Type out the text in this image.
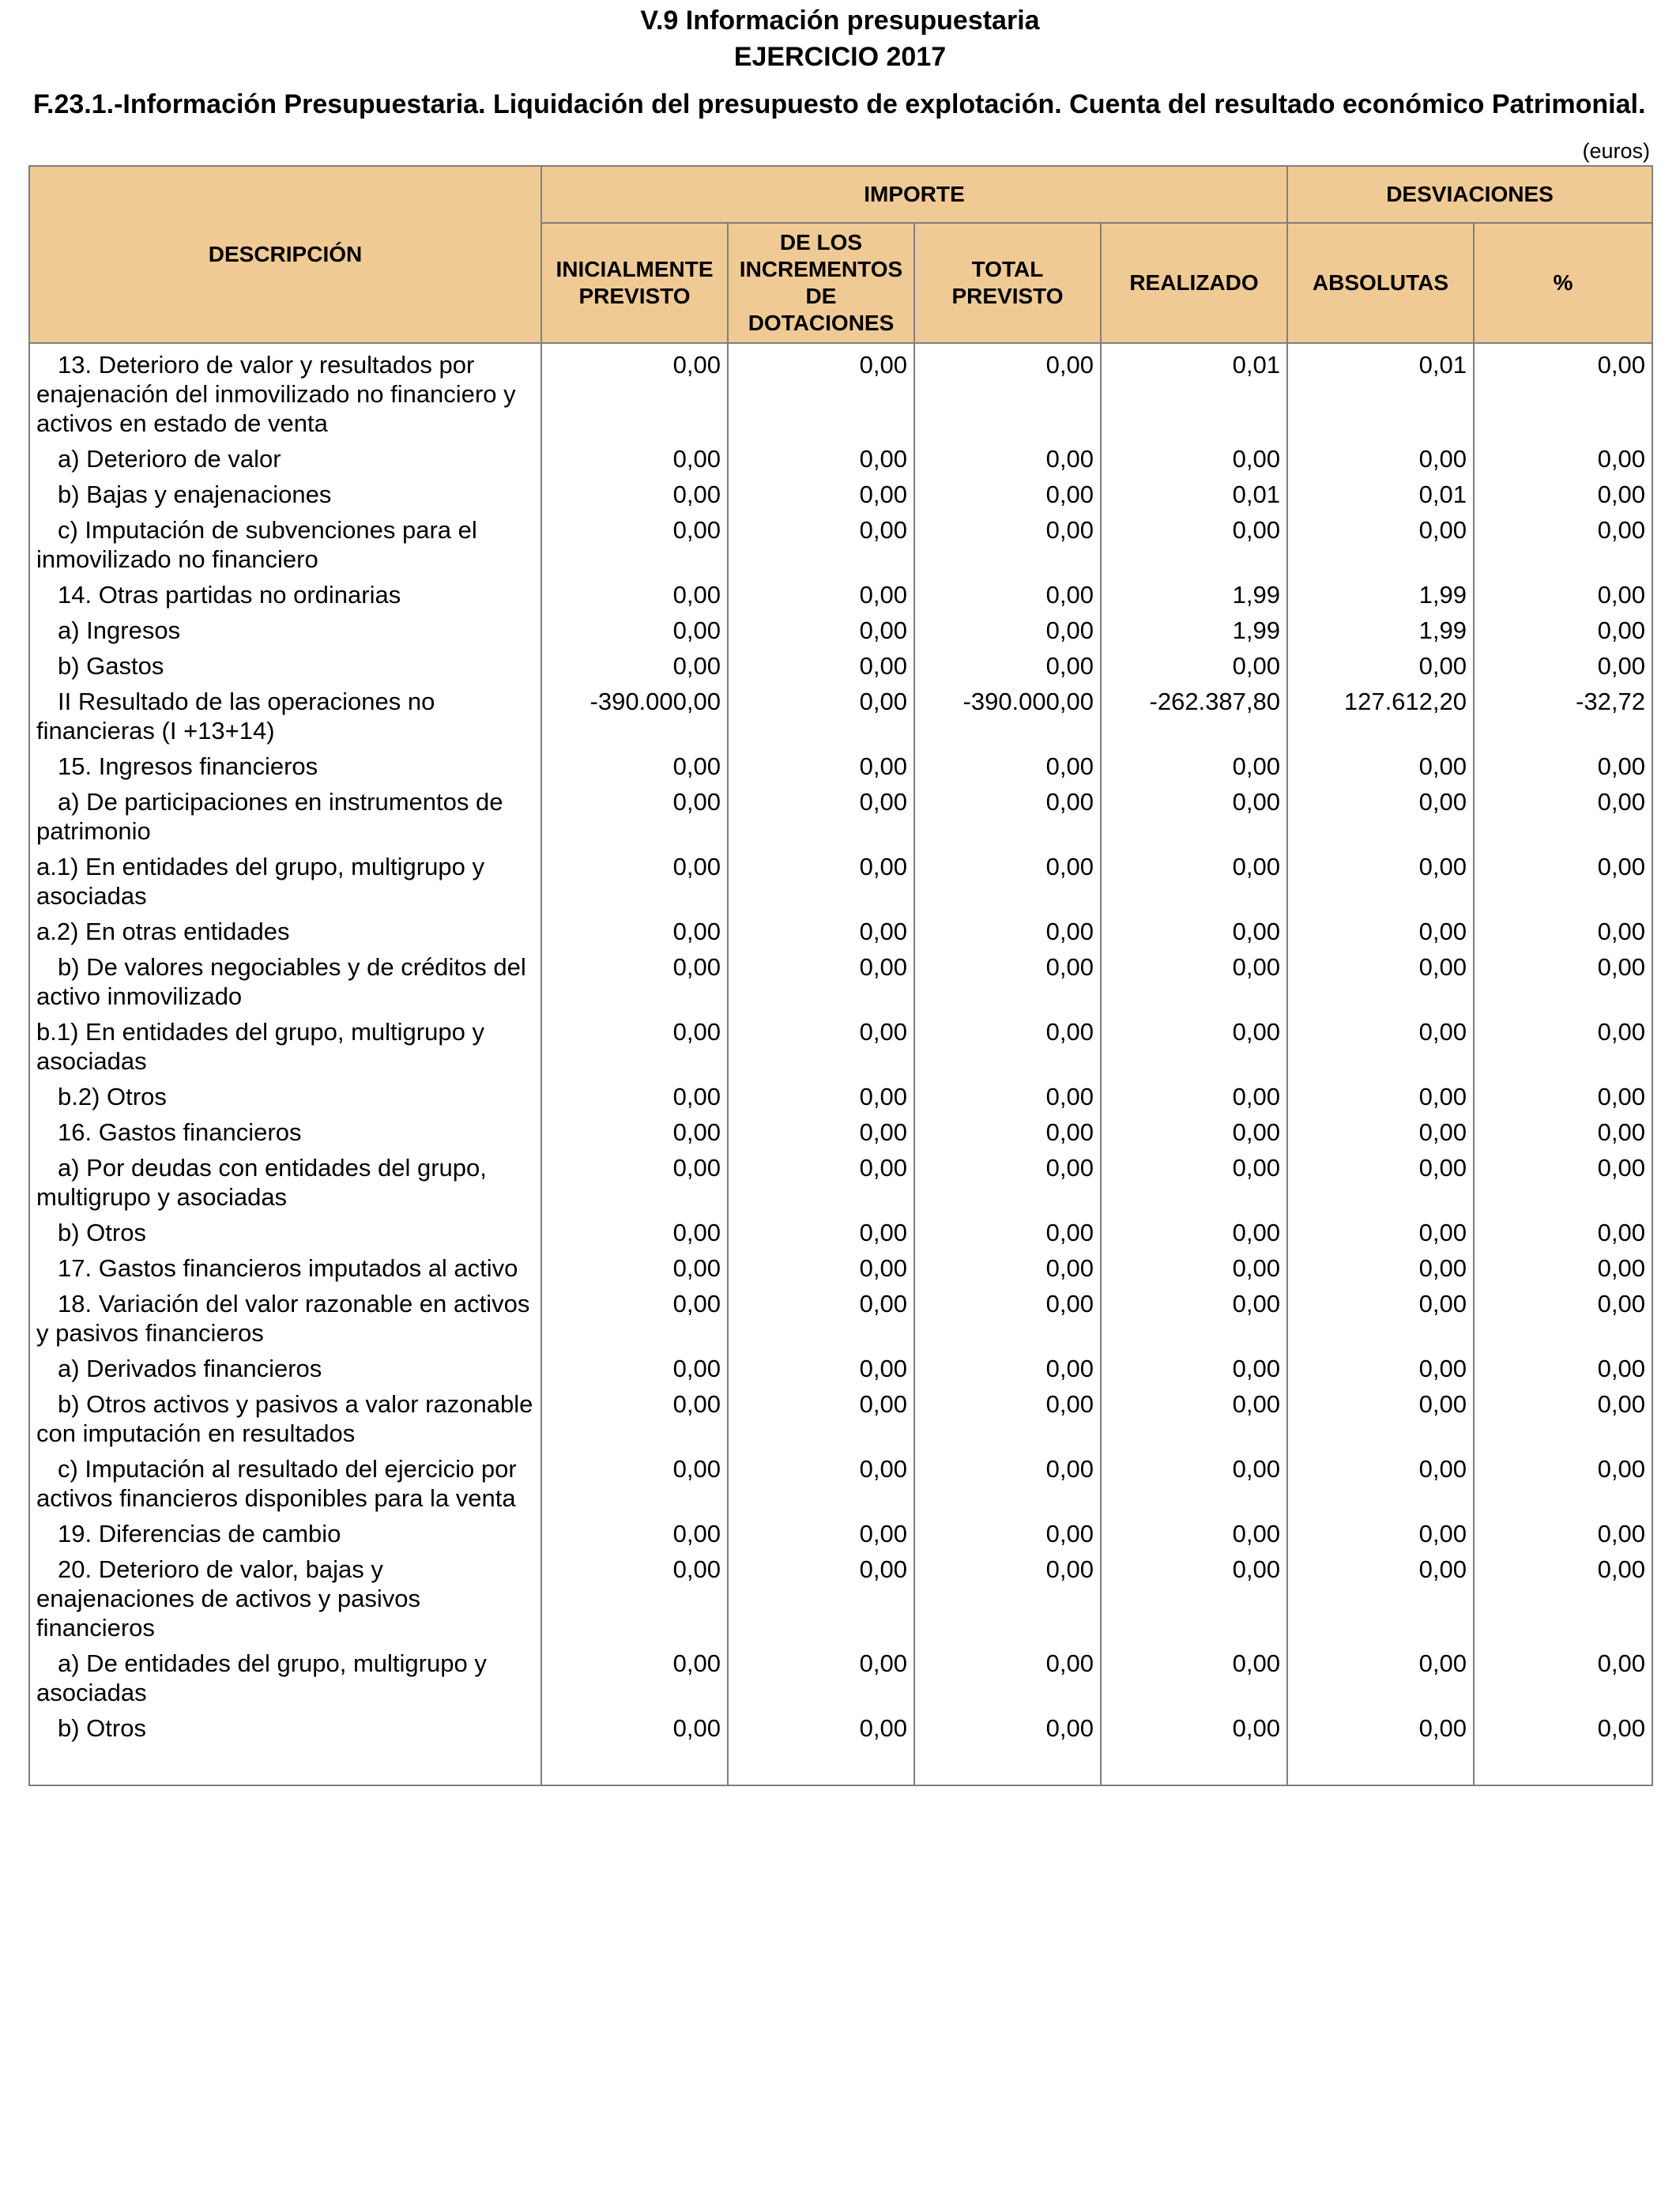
V.9 Información presupuestaria
EJERCICIO 2017
F.23.1.-Información Presupuestaria. Liquidación del presupuesto de explotación. Cuenta del resultado económico Patrimonial.
(euros)
DESCRIPCIÓN	IMPORTE				DESVIACIONES	
	INICIALMENTE PREVISTO	DE LOS INCREMENTOS DE DOTACIONES	TOTAL PREVISTO	REALIZADO	ABSOLUTAS	%
13. Deterioro de valor y resultados por enajenación del inmovilizado no financiero y activos en estado de venta	0,00	0,00	0,00	0,01	0,01	0,00
a) Deterioro de valor	0,00	0,00	0,00	0,00	0,00	0,00
b) Bajas y enajenaciones	0,00	0,00	0,00	0,01	0,01	0,00
c) Imputación de subvenciones para el inmovilizado no financiero	0,00	0,00	0,00	0,00	0,00	0,00
14. Otras partidas no ordinarias	0,00	0,00	0,00	1,99	1,99	0,00
a) Ingresos	0,00	0,00	0,00	1,99	1,99	0,00
b) Gastos	0,00	0,00	0,00	0,00	0,00	0,00
II Resultado de las operaciones no financieras (I +13+14)	-390.000,00	0,00	-390.000,00	-262.387,80	127.612,20	-32,72
15. Ingresos financieros	0,00	0,00	0,00	0,00	0,00	0,00
a) De participaciones en instrumentos de patrimonio	0,00	0,00	0,00	0,00	0,00	0,00
a.1) En entidades del grupo, multigrupo y asociadas	0,00	0,00	0,00	0,00	0,00	0,00
a.2) En otras entidades	0,00	0,00	0,00	0,00	0,00	0,00
b) De valores negociables y de créditos del activo inmovilizado	0,00	0,00	0,00	0,00	0,00	0,00
b.1) En entidades del grupo, multigrupo y asociadas	0,00	0,00	0,00	0,00	0,00	0,00
b.2) Otros	0,00	0,00	0,00	0,00	0,00	0,00
16. Gastos financieros	0,00	0,00	0,00	0,00	0,00	0,00
a) Por deudas con entidades del grupo, multigrupo y asociadas	0,00	0,00	0,00	0,00	0,00	0,00
b) Otros	0,00	0,00	0,00	0,00	0,00	0,00
17. Gastos financieros imputados al activo	0,00	0,00	0,00	0,00	0,00	0,00
18. Variación del valor razonable en activos y pasivos financieros	0,00	0,00	0,00	0,00	0,00	0,00
a) Derivados financieros	0,00	0,00	0,00	0,00	0,00	0,00
b) Otros activos y pasivos a valor razonable con imputación en resultados	0,00	0,00	0,00	0,00	0,00	0,00
c) Imputación al resultado del ejercicio por activos financieros disponibles para la venta	0,00	0,00	0,00	0,00	0,00	0,00
19. Diferencias de cambio	0,00	0,00	0,00	0,00	0,00	0,00
20. Deterioro de valor, bajas y enajenaciones de activos y pasivos financieros	0,00	0,00	0,00	0,00	0,00	0,00
a) De entidades del grupo, multigrupo y asociadas	0,00	0,00	0,00	0,00	0,00	0,00
b) Otros	0,00	0,00	0,00	0,00	0,00	0,00
